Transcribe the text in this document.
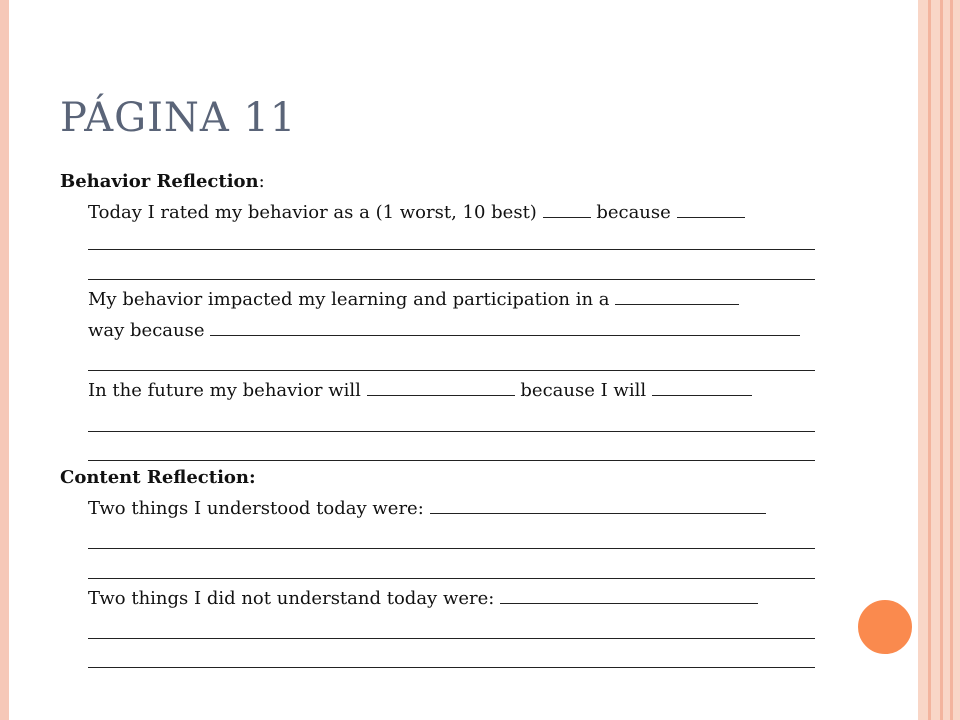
PÁGINA 11
Behavior Reflection:
Today I rated my behavior as a (1 worst, 10 best)	because
My behavior impacted my learning and participation in a
way because
In the future my behavior will	because I will
Content Reflection:
Two things I understood today were:
Two things I did not understand today were:
